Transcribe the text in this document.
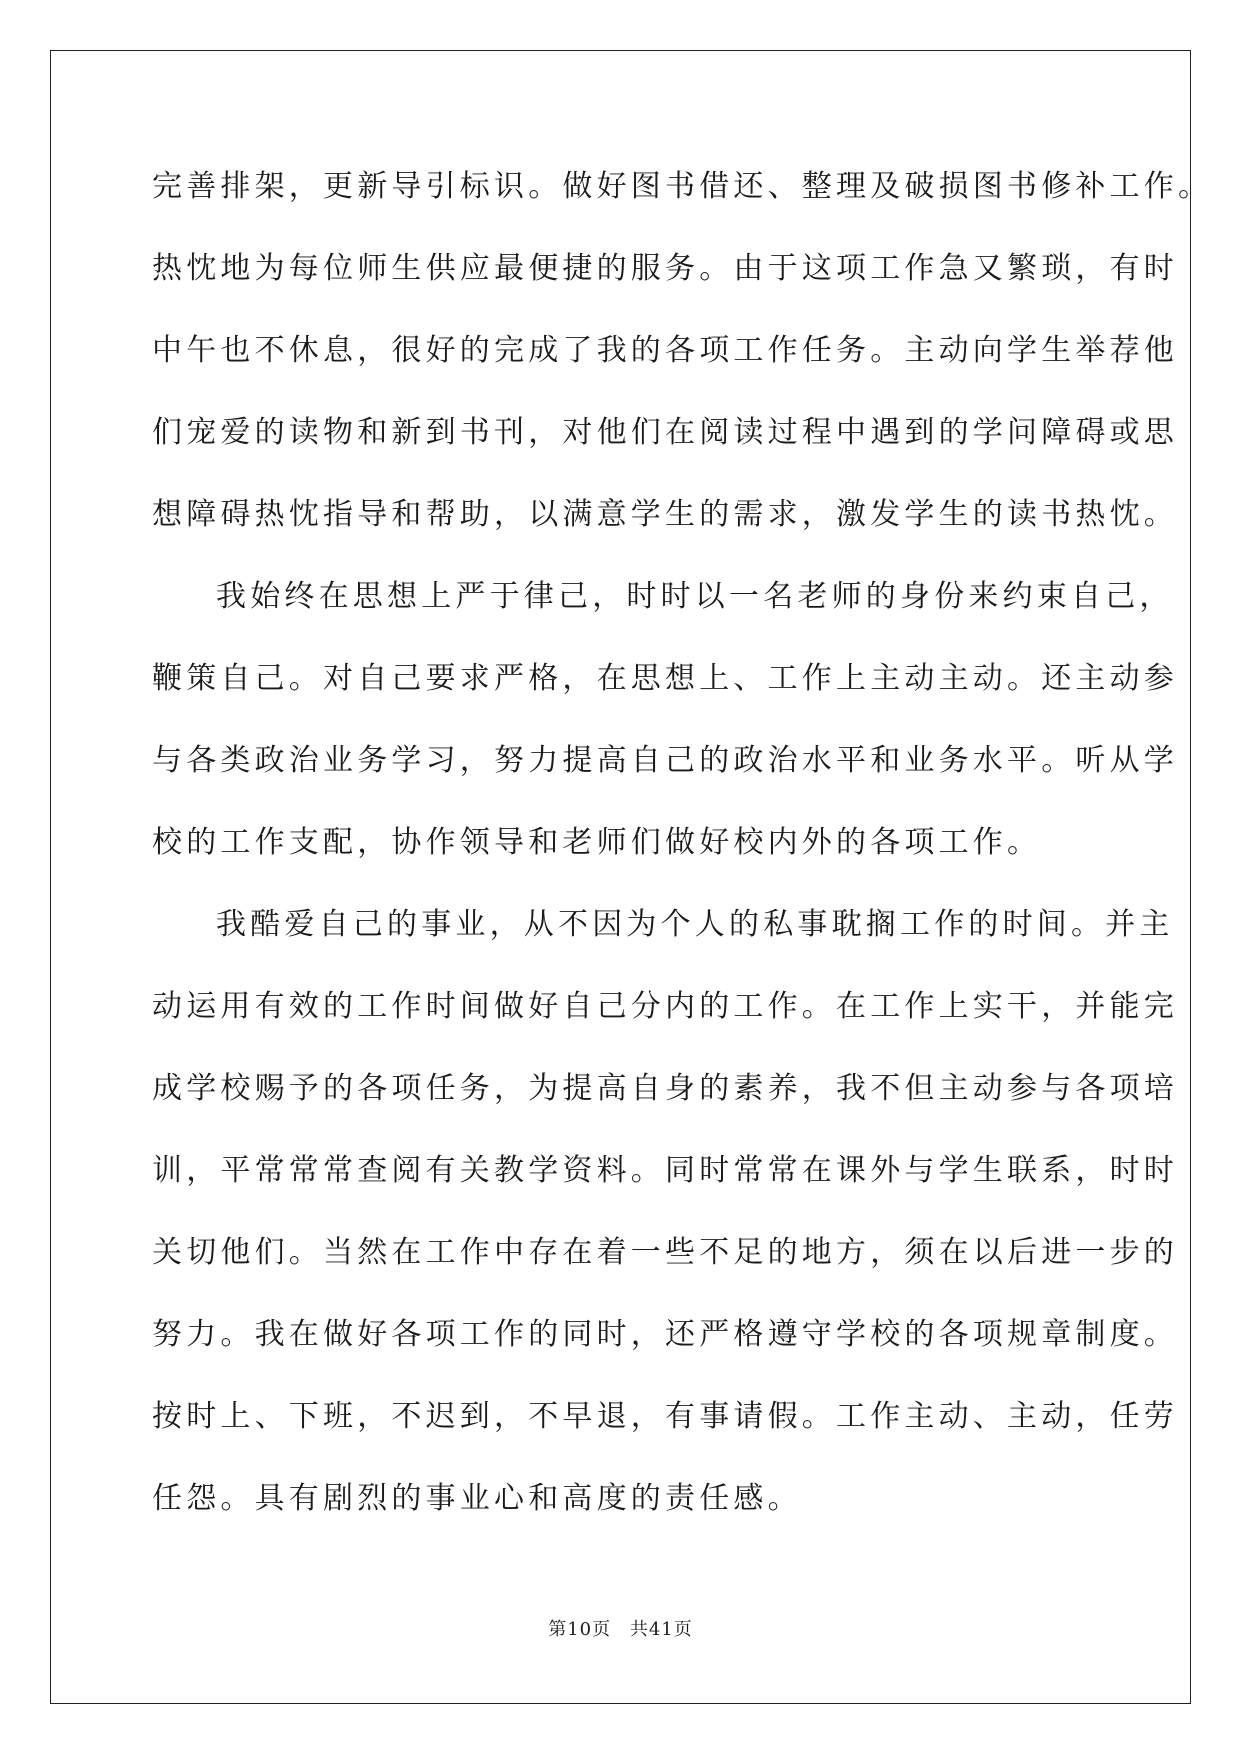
完善排架，更新导引标识。做好图书借还、整理及破损图书修补工作。
热忱地为每位师生供应最便捷的服务。由于这项工作急又繁琐，有时
中午也不休息，很好的完成了我的各项工作任务。主动向学生举荐他
们宠爱的读物和新到书刊，对他们在阅读过程中遇到的学问障碍或思
想障碍热忱指导和帮助，以满意学生的需求，激发学生的读书热忱。
我始终在思想上严于律己，时时以一名老师的身份来约束自己，
鞭策自己。对自己要求严格，在思想上、工作上主动主动。还主动参
与各类政治业务学习，努力提高自己的政治水平和业务水平。听从学
校的工作支配，协作领导和老师们做好校内外的各项工作。
我酷爱自己的事业，从不因为个人的私事耽搁工作的时间。并主
动运用有效的工作时间做好自己分内的工作。在工作上实干，并能完
成学校赐予的各项任务，为提高自身的素养，我不但主动参与各项培
训，平常常常查阅有关教学资料。同时常常在课外与学生联系，时时
关切他们。当然在工作中存在着一些不足的地方，须在以后进一步的
努力。我在做好各项工作的同时，还严格遵守学校的各项规章制度。
按时上、下班，不迟到，不早退，有事请假。工作主动、主动，任劳
任怨。具有剧烈的事业心和高度的责任感。
第10页 共41页
